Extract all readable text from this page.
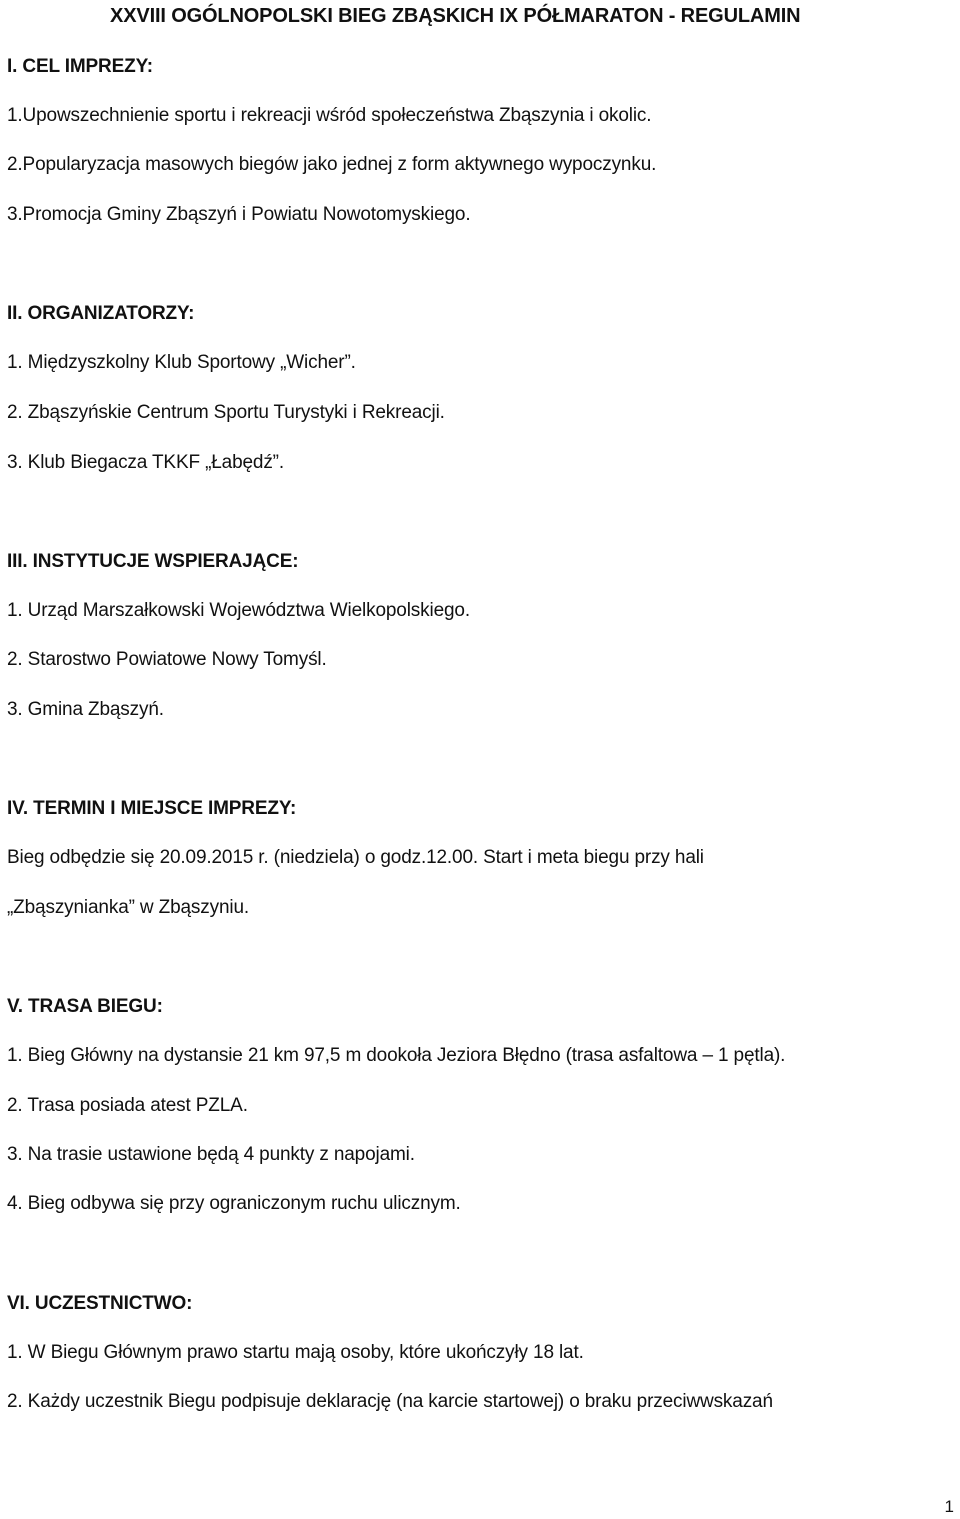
XXVIII OGÓLNOPOLSKI BIEG ZBĄSKICH IX PÓŁMARATON - REGULAMIN
I. CEL IMPREZY:
1.Upowszechnienie sportu i rekreacji wśród społeczeństwa Zbąszynia i okolic.
2.Popularyzacja masowych biegów jako jednej z form aktywnego wypoczynku.
3.Promocja Gminy Zbąszyń i Powiatu Nowotomyskiego.
II. ORGANIZATORZY:
1. Międzyszkolny Klub Sportowy „Wicher”.
2. Zbąszyńskie Centrum Sportu Turystyki i Rekreacji.
3. Klub Biegacza TKKF „Łabędź”.
III. INSTYTUCJE WSPIERAJĄCE:
1. Urząd Marszałkowski Województwa Wielkopolskiego.
2. Starostwo Powiatowe Nowy Tomyśl.
3. Gmina Zbąszyń.
IV. TERMIN I MIEJSCE IMPREZY:
Bieg odbędzie się 20.09.2015 r. (niedziela) o godz.12.00. Start i meta biegu przy hali
„Zbąszynianka” w Zbąszyniu.
V. TRASA BIEGU:
1. Bieg Główny na dystansie 21 km 97,5 m dookoła Jeziora Błędno (trasa asfaltowa – 1 pętla).
2. Trasa posiada atest PZLA.
3. Na trasie ustawione będą 4 punkty z napojami.
4. Bieg odbywa się przy ograniczonym ruchu ulicznym.
VI. UCZESTNICTWO:
1. W Biegu Głównym prawo startu mają osoby, które ukończyły 18 lat.
2. Każdy uczestnik Biegu podpisuje deklarację (na karcie startowej) o braku przeciwwskazań
1
